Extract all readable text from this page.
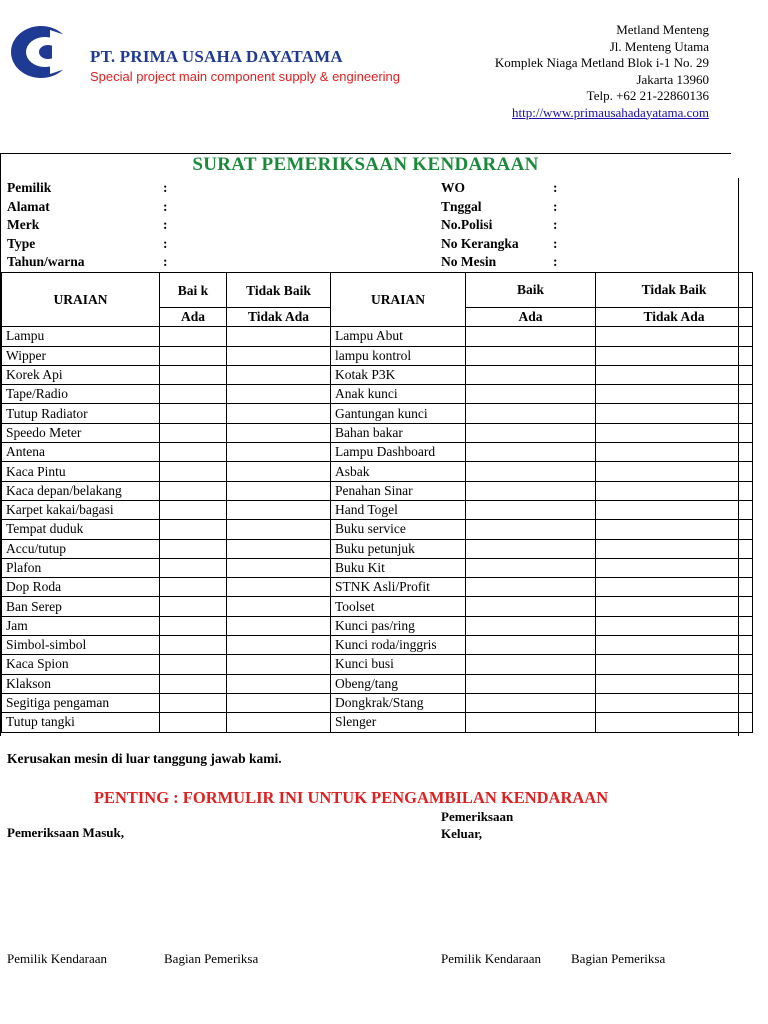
PT. PRIMA USAHA DAYATAMA
Special project main component supply & engineering
Metland Menteng
Jl. Menteng Utama
Komplek Niaga Metland Blok i-1 No. 29
Jakarta 13960
Telp. +62 21-22860136
http://www.primausahadayatama.com
SURAT PEMERIKSAAN KENDARAAN
Pemilik	:	WO	:
Alamat	:	Tnggal	:
Merk	:	No.Polisi	:
Type	:	No Kerangka	:
Tahun/warna	:	No Mesin	:
URAIAN	Bai k	Tidak Baik	URAIAN	Baik	Tidak Baik
	Ada	Tidak Ada		Ada	Tidak Ada
Lampu			Lampu Abut		
Wipper			lampu kontrol		
Korek Api			Kotak P3K		
Tape/Radio			Anak kunci		
Tutup Radiator			Gantungan kunci		
Speedo Meter			Bahan bakar		
Antena			Lampu Dashboard		
Kaca Pintu			Asbak		
Kaca depan/belakang			Penahan Sinar		
Karpet kakai/bagasi			Hand Togel		
Tempat duduk			Buku service		
Accu/tutup			Buku petunjuk		
Plafon			Buku Kit		
Dop Roda			STNK Asli/Profit		
Ban Serep			Toolset		
Jam			Kunci pas/ring		
Simbol-simbol			Kunci roda/inggris		
Kaca Spion			Kunci busi		
Klakson			Obeng/tang		
Segitiga pengaman			Dongkrak/Stang		
Tutup tangki			Slenger		
Kerusakan mesin di luar tanggung jawab kami.
PENTING : FORMULIR INI UNTUK PENGAMBILAN KENDARAAN
Pemeriksaan Masuk,
Pemeriksaan
Keluar,
Pemilik Kendaraan	Bagian Pemeriksa	Pemilik Kendaraan Bagian Pemeriksa
